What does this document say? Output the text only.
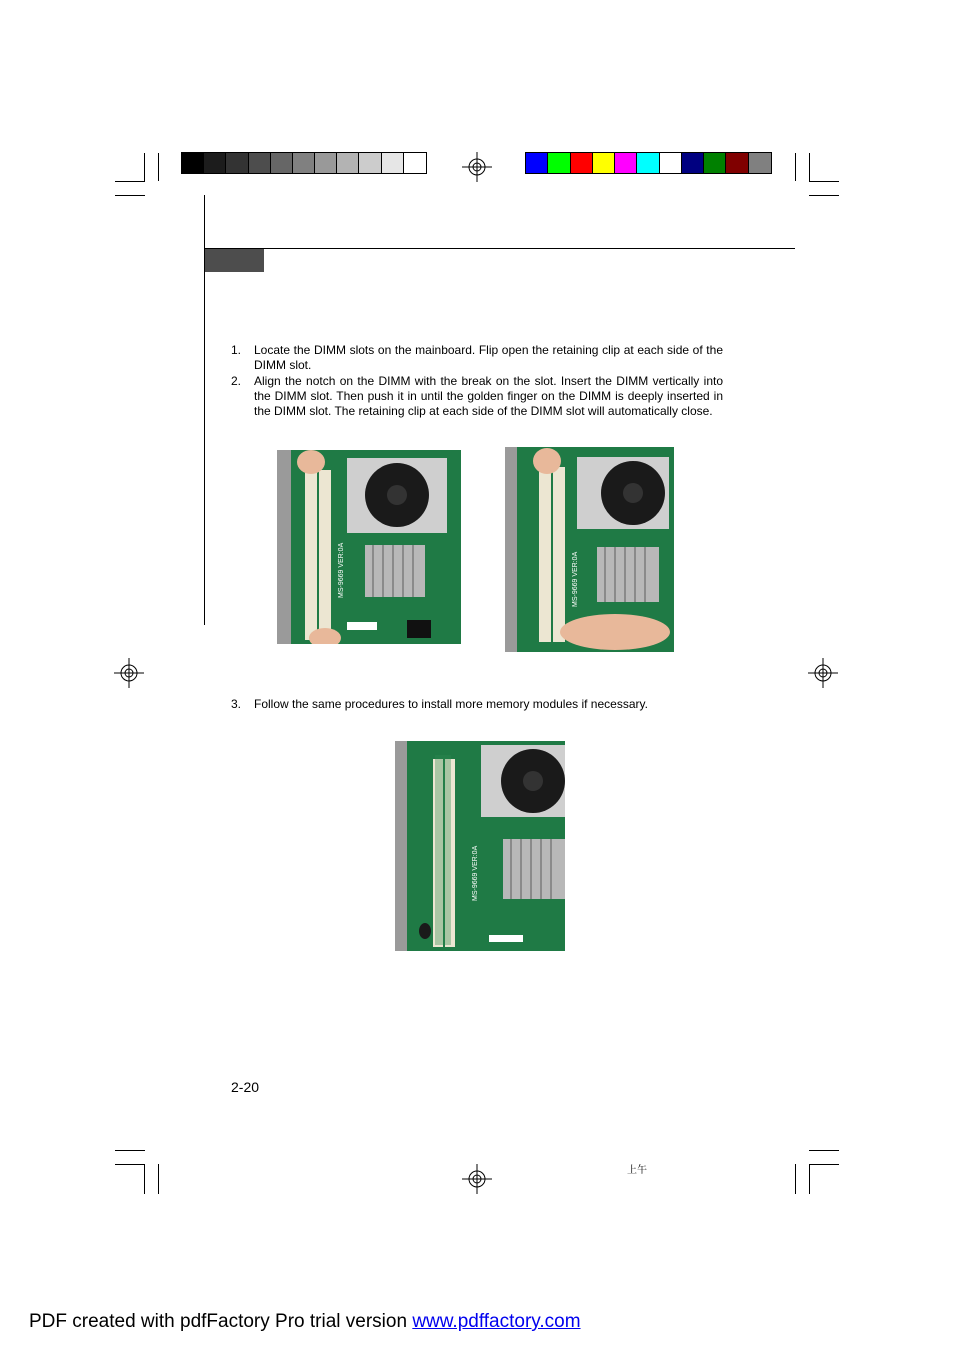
1.	Locate the DIMM slots on the mainboard. Flip open the retaining clip at each side of the DIMM slot.
2.	Align the notch on the DIMM with the break on the slot. Insert the DIMM vertically into the DIMM slot. Then push it in until the golden finger on the DIMM is deeply inserted in the DIMM slot. The retaining clip at each side of the DIMM slot will automatically close.
MS-9669 VER:0A	MS-9669 VER:0A
3.	Follow the same procedures to install more memory modules if necessary.
MS-9669 VER:0A
2-20
上午
PDF created with pdfFactory Pro trial version www.pdffactory.com
